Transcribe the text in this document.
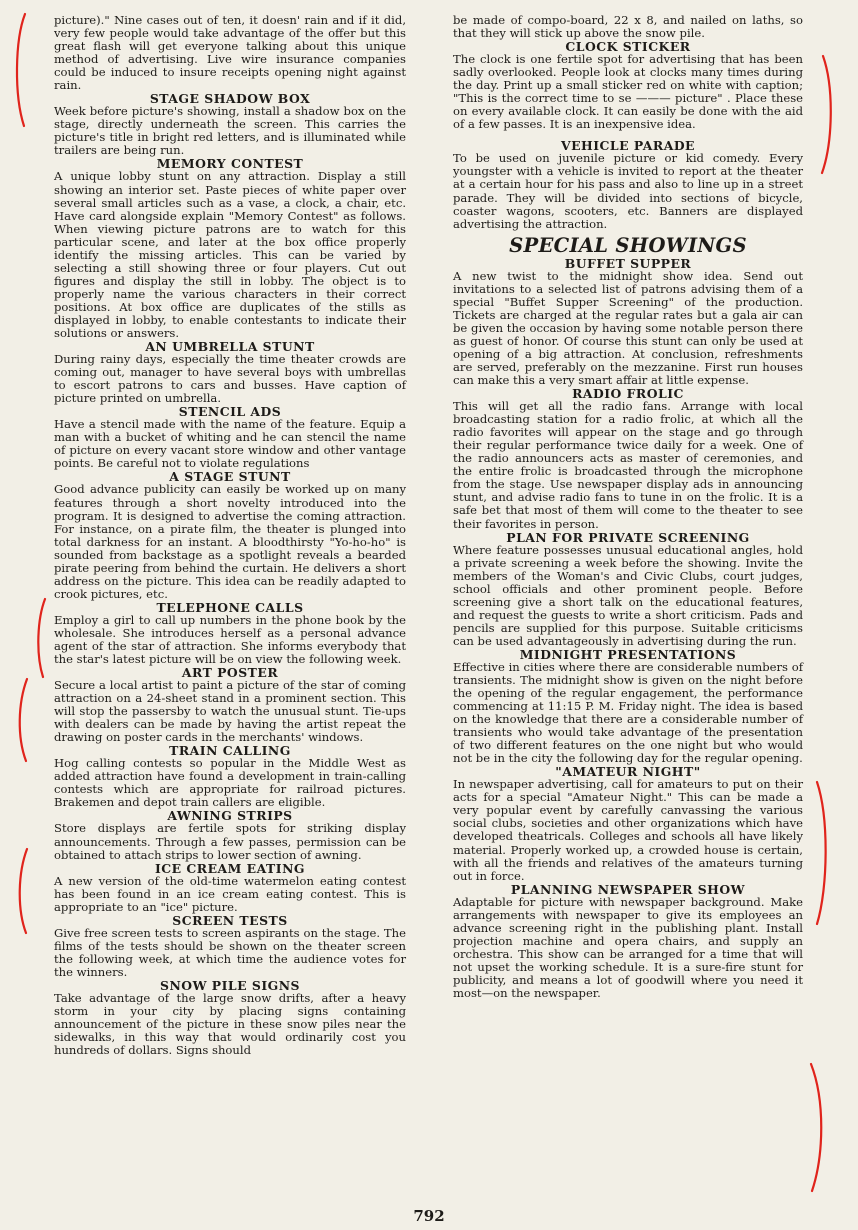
picture)." Nine cases out of ten, it doesn' rain and if it did, very few people would take advantage of the offer but this great flash will get everyone talking about this unique method of advertising. Live wire insurance companies could be induced to insure receipts opening night against rain.

STAGE SHADOW BOX

Week before picture's showing, install a shadow box on the stage, directly underneath the screen. This carries the picture's title in bright red letters, and is illuminated while trailers are being run.

MEMORY CONTEST

A unique lobby stunt on any attraction. Display a still showing an interior set. Paste pieces of white paper over several small articles such as a vase, a clock, a chair, etc. Have card alongside explain "Memory Contest" as follows. When viewing picture patrons are to watch for this particular scene, and later at the box office properly identify the missing articles. This can be varied by selecting a still showing three or four players. Cut out figures and display the still in lobby. The object is to properly name the various characters in their correct positions. At box office are duplicates of the stills as displayed in lobby, to enable contestants to indicate their solutions or answers.

AN UMBRELLA STUNT

During rainy days, especially the time theater crowds are coming out, manager to have several boys with umbrellas to escort patrons to cars and busses. Have caption of picture printed on umbrella.

STENCIL ADS

Have a stencil made with the name of the feature. Equip a man with a bucket of whiting and he can stencil the name of picture on every vacant store window and other vantage points. Be careful not to violate regulations

A STAGE STUNT

Good advance publicity can easily be worked up on many features through a short novelty introduced into the program. It is designed to advertise the coming attraction. For instance, on a pirate film, the theater is plunged into total darkness for an instant. A bloodthirsty "Yo-ho-ho" is sounded from backstage as a spotlight reveals a bearded pirate peering from behind the curtain. He delivers a short address on the picture. This idea can be readily adapted to crook pictures, etc.

TELEPHONE CALLS

Employ a girl to call up numbers in the phone book by the wholesale. She introduces herself as a personal advance agent of the star of attraction. She informs everybody that the star's latest picture will be on view the following week.

ART POSTER

Secure a local artist to paint a picture of the star of coming attraction on a 24-sheet stand in a prominent section. This will stop the passersby to watch the unusual stunt. Tie-ups with dealers can be made by having the artist repeat the drawing on poster cards in the merchants' windows.

TRAIN CALLING

Hog calling contests so popular in the Middle West as added attraction have found a development in train-calling contests which are appropriate for railroad pictures. Brakemen and depot train callers are eligible.

AWNING STRIPS

Store displays are fertile spots for striking display announcements. Through a few passes, permission can be obtained to attach strips to lower section of awning.

ICE CREAM EATING

A new version of the old-time watermelon eating contest has been found in an ice cream eating contest. This is appropriate to an "ice" picture.

SCREEN TESTS

Give free screen tests to screen aspirants on the stage. The films of the tests should be shown on the theater screen the following week, at which time the audience votes for the winners.

SNOW PILE SIGNS

Take advantage of the large snow drifts, after a heavy storm in your city by placing signs containing announcement of the picture in these snow piles near the sidewalks, in this way that would ordinarily cost you hundreds of dollars. Signs should

be made of compo-board, 22 x 8, and nailed on laths, so that they will stick up above the snow pile.

CLOCK STICKER

The clock is one fertile spot for advertising that has been sadly overlooked. People look at clocks many times during the day. Print up a small sticker red on white with caption; "This is the correct time to se ——— picture" . Place these on every available clock. It can easily be done with the aid of a few passes. It is an inexpensive idea.

VEHICLE PARADE

To be used on juvenile picture or kid comedy. Every youngster with a vehicle is invited to report at the theater at a certain hour for his pass and also to line up in a street parade. They will be divided into sections of bicycle, coaster wagons, scooters, etc. Banners are displayed advertising the attraction.

SPECIAL SHOWINGS
BUFFET SUPPER

A new twist to the midnight show idea. Send out invitations to a selected list of patrons advising them of a special "Buffet Supper Screening" of the production. Tickets are charged at the regular rates but a gala air can be given the occasion by having some notable person there as guest of honor. Of course this stunt can only be used at opening of a big attraction. At conclusion, refreshments are served, preferably on the mezzanine. First run houses can make this a very smart affair at little expense.

RADIO FROLIC

This will get all the radio fans. Arrange with local broadcasting station for a radio frolic, at which all the radio favorites will appear on the stage and go through their regular performance twice daily for a week. One of the radio announcers acts as master of ceremonies, and the entire frolic is broadcasted through the microphone from the stage. Use newspaper display ads in announcing stunt, and advise radio fans to tune in on the frolic. It is a safe bet that most of them will come to the theater to see their favorites in person.

PLAN FOR PRIVATE SCREENING

Where feature possesses unusual educational angles, hold a private screening a week before the showing. Invite the members of the Woman's and Civic Clubs, court judges, school officials and other prominent people. Before screening give a short talk on the educational features, and request the guests to write a short criticism. Pads and pencils are supplied for this purpose. Suitable criticisms can be used advantageously in advertising during the run.

MIDNIGHT PRESENTATIONS

Effective in cities where there are considerable numbers of transients. The midnight show is given on the night before the opening of the regular engagement, the performance commencing at 11:15 P. M. Friday night. The idea is based on the knowledge that there are a considerable number of transients who would take advantage of the presentation of two different features on the one night but who would not be in the city the following day for the regular opening.

"AMATEUR NIGHT"

In newspaper advertising, call for amateurs to put on their acts for a special "Amateur Night." This can be made a very popular event by carefully canvassing the various social clubs, societies and other organizations which have developed theatricals. Colleges and schools all have likely material. Properly worked up, a crowded house is certain, with all the friends and relatives of the amateurs turning out in force.

PLANNING NEWSPAPER SHOW

Adaptable for picture with newspaper background. Make arrangements with newspaper to give its employees an advance screening right in the publishing plant. Install projection machine and opera chairs, and supply an orchestra. This show can be arranged for a time that will not upset the working schedule. It is a sure-fire stunt for publicity, and means a lot of goodwill where you need it most—on the newspaper.

792
